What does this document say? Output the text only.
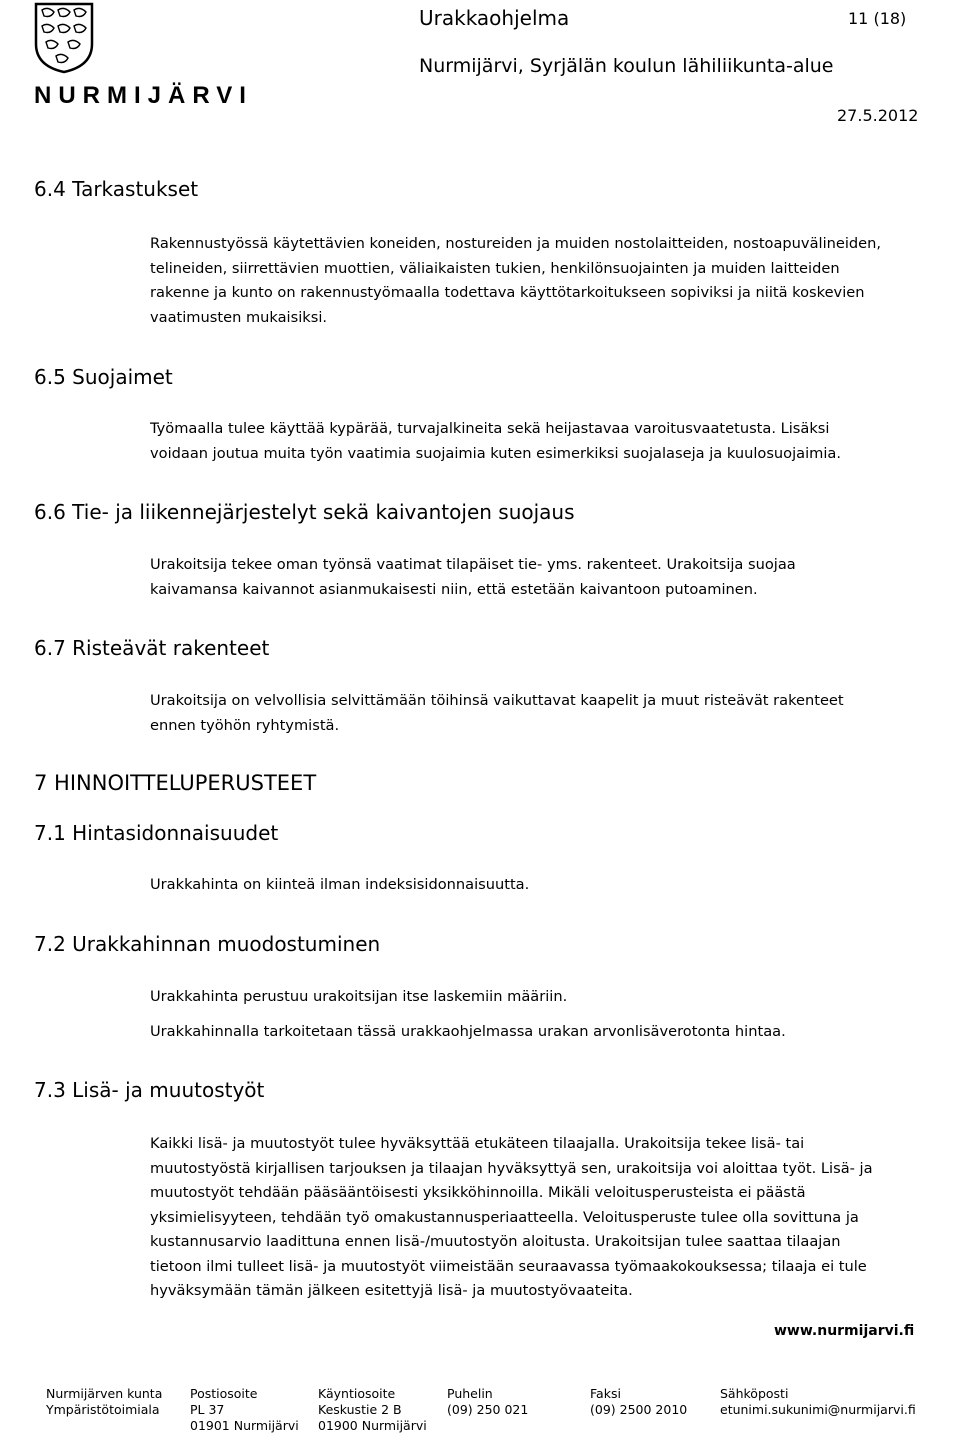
NURMIJÄRVI
Urakkaohjelma	11 (18)
Nurmijärvi, Syrjälän koulun lähiliikunta-alue
27.5.2012
6.4 Tarkastukset
Rakennustyössä käytettävien koneiden, nostureiden ja muiden nostolaitteiden, nostoapuvälineiden,
telineiden, siirrettävien muottien, väliaikaisten tukien, henkilönsuojainten ja muiden laitteiden
rakenne ja kunto on rakennustyömaalla todettava käyttötarkoitukseen sopiviksi ja niitä koskevien
vaatimusten mukaisiksi.
6.5 Suojaimet
Työmaalla tulee käyttää kypärää, turvajalkineita sekä heijastavaa varoitusvaatetusta. Lisäksi
voidaan joutua muita työn vaatimia suojaimia kuten esimerkiksi suojalaseja ja kuulosuojaimia.
6.6 Tie- ja liikennejärjestelyt sekä kaivantojen suojaus
Urakoitsija tekee oman työnsä vaatimat tilapäiset tie- yms. rakenteet. Urakoitsija suojaa
kaivamansa kaivannot asianmukaisesti niin, että estetään kaivantoon putoaminen.
6.7 Risteävät rakenteet
Urakoitsija on velvollisia selvittämään töihinsä vaikuttavat kaapelit ja muut risteävät rakenteet
ennen työhön ryhtymistä.
7 HINNOITTELUPERUSTEET
7.1 Hintasidonnaisuudet
Urakkahinta on kiinteä ilman indeksisidonnaisuutta.
7.2 Urakkahinnan muodostuminen
Urakkahinta perustuu urakoitsijan itse laskemiin määriin.
Urakkahinnalla tarkoitetaan tässä urakkaohjelmassa urakan arvonlisäverotonta hintaa.
7.3 Lisä- ja muutostyöt
Kaikki lisä- ja muutostyöt tulee hyväksyttää etukäteen tilaajalla. Urakoitsija tekee lisä- tai
muutostyöstä kirjallisen tarjouksen ja tilaajan hyväksyttyä sen, urakoitsija voi aloittaa työt. Lisä- ja
muutostyöt tehdään pääsääntöisesti yksikköhinnoilla. Mikäli veloitusperusteista ei päästä
yksimielisyyteen, tehdään työ omakustannusperiaatteella. Veloitusperuste tulee olla sovittuna ja
kustannusarvio laadittuna ennen lisä-/muutostyön aloitusta. Urakoitsijan tulee saattaa tilaajan
tietoon ilmi tulleet lisä- ja muutostyöt viimeistään seuraavassa työmaakokouksessa; tilaaja ei tule
hyväksymään tämän jälkeen esitettyjä lisä- ja muutostyövaateita.
www.nurmijarvi.fi
Nurmijärven kunta
Ympäristötoimiala
Postiosoite
PL 37
01901 Nurmijärvi
Käyntiosoite
Keskustie 2 B
01900 Nurmijärvi
Puhelin
(09) 250 021
Faksi
(09) 2500 2010
Sähköposti
etunimi.sukunimi@nurmijarvi.fi
